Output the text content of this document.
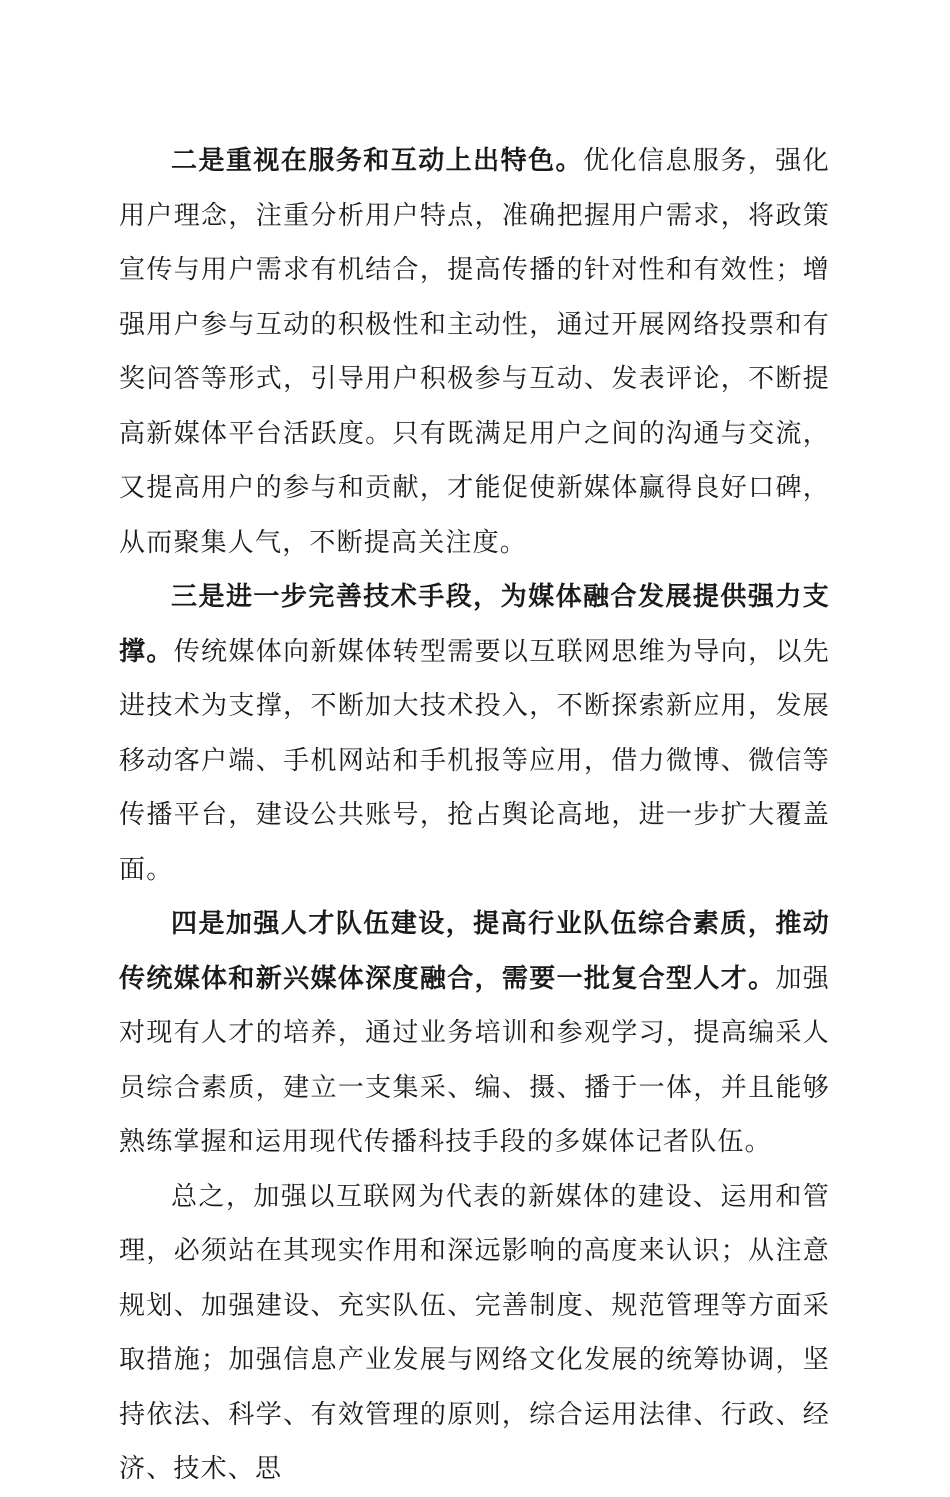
二是重视在服务和互动上出特色。优化信息服务，强化用户理念，注重分析用户特点，准确把握用户需求，将政策宣传与用户需求有机结合，提高传播的针对性和有效性；增强用户参与互动的积极性和主动性，通过开展网络投票和有奖问答等形式，引导用户积极参与互动、发表评论，不断提高新媒体平台活跃度。只有既满足用户之间的沟通与交流，又提高用户的参与和贡献，才能促使新媒体赢得良好口碑，从而聚集人气，不断提高关注度。

三是进一步完善技术手段，为媒体融合发展提供强力支撑。传统媒体向新媒体转型需要以互联网思维为导向，以先进技术为支撑，不断加大技术投入，不断探索新应用，发展移动客户端、手机网站和手机报等应用，借力微博、微信等传播平台，建设公共账号，抢占舆论高地，进一步扩大覆盖面。

四是加强人才队伍建设，提高行业队伍综合素质，推动传统媒体和新兴媒体深度融合，需要一批复合型人才。加强对现有人才的培养，通过业务培训和参观学习，提高编采人员综合素质，建立一支集采、编、摄、播于一体，并且能够熟练掌握和运用现代传播科技手段的多媒体记者队伍。

总之，加强以互联网为代表的新媒体的建设、运用和管理，必须站在其现实作用和深远影响的高度来认识；从注意规划、加强建设、充实队伍、完善制度、规范管理等方面采取措施；加强信息产业发展与网络文化发展的统筹协调，坚持依法、科学、有效管理的原则，综合运用法律、行政、经济、技术、思
